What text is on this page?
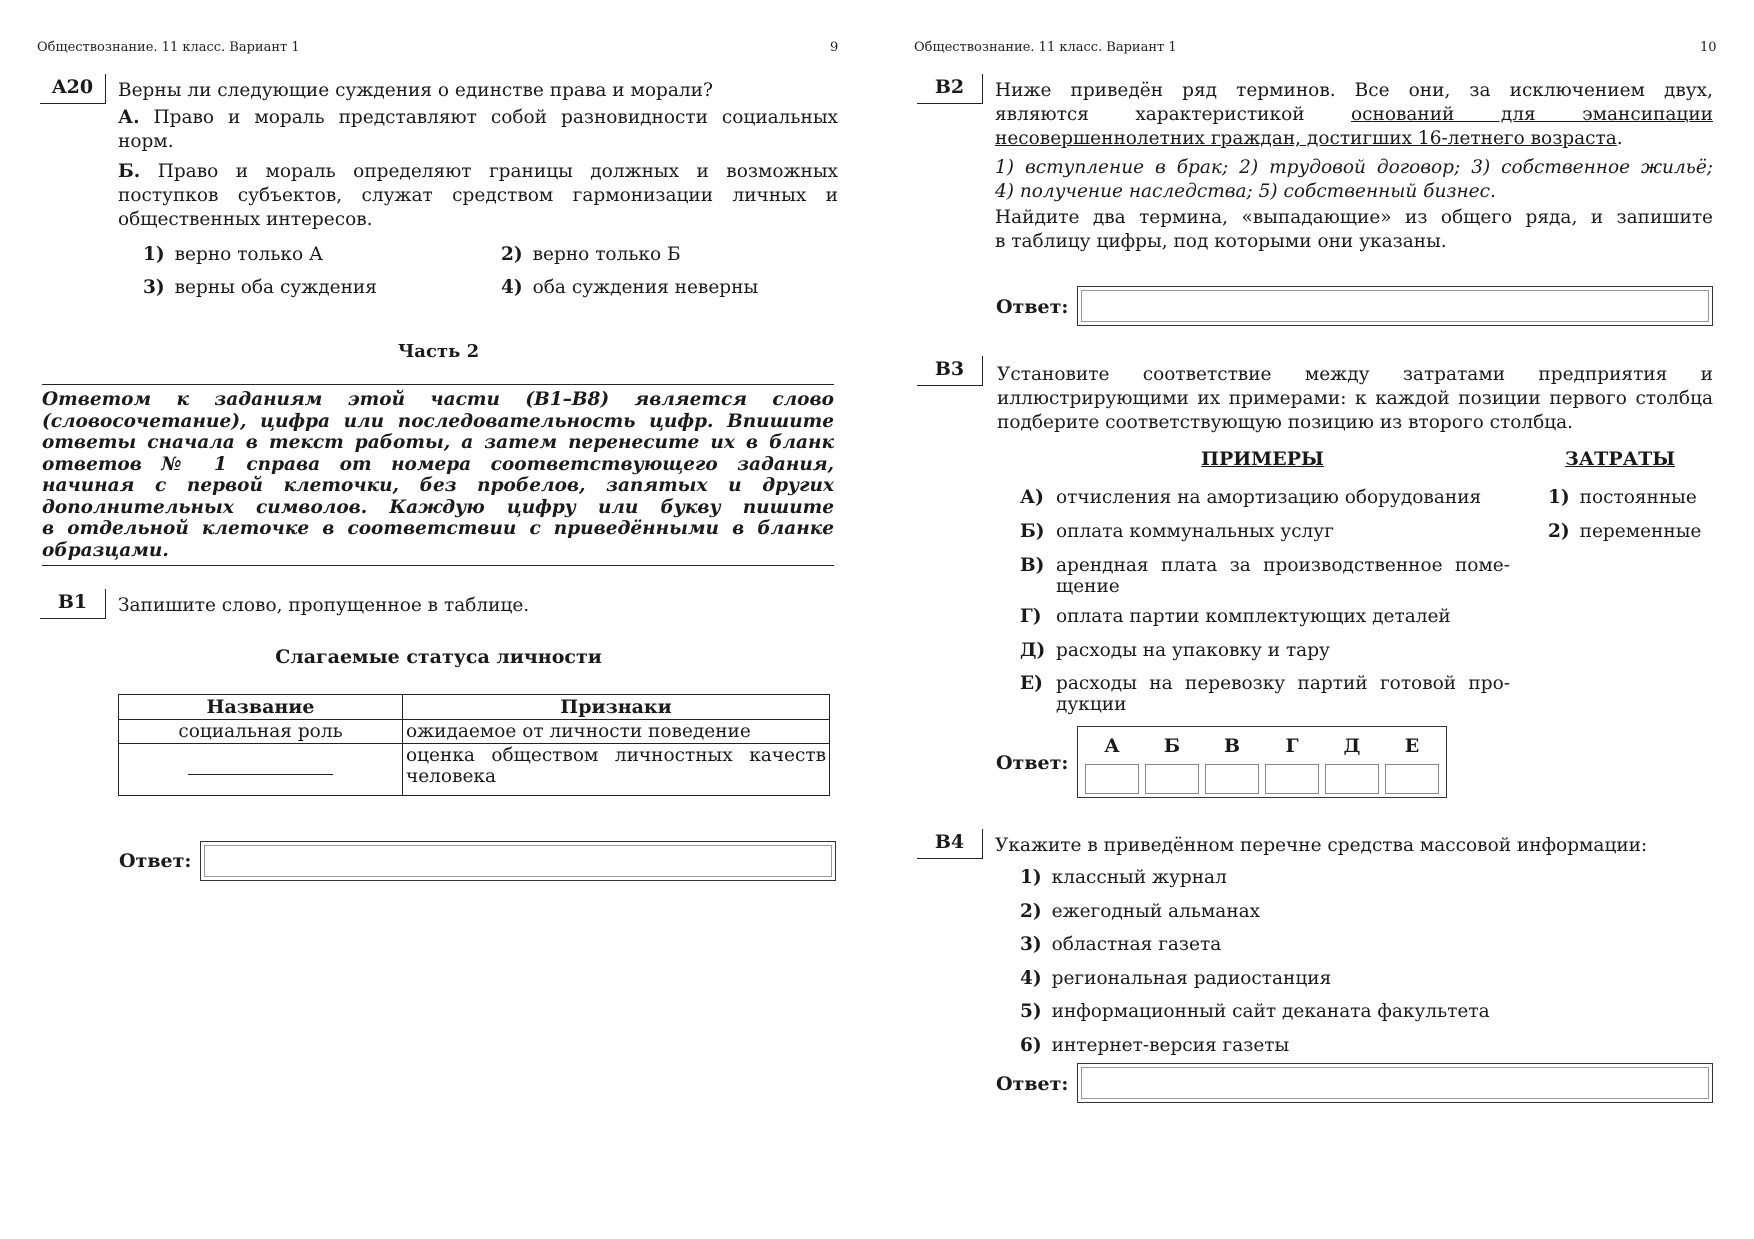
Обществознание. 11 класс. Вариант 1	9
A20	Верны ли следующие суждения о единстве права и морали?
А. Право и мораль представляют собой разновидности социальных
норм.
Б. Право и мораль определяют границы должных и возможных
поступков субъектов, служат средством гармонизации личных и
общественных интересов.
1) верно только А	2) верно только Б
3) верны оба суждения	4) оба суждения неверны
Часть 2
Ответом к заданиям этой части (В1–В8) является слово
(словосочетание), цифра или последовательность цифр. Впишите
ответы сначала в текст работы, а затем перенесите их в бланк
ответов № 1 справа от номера соответствующего задания,
начиная с первой клеточки, без пробелов, запятых и других
дополнительных символов. Каждую цифру или букву пишите
в отдельной клеточке в соответствии с приведёнными в бланке
образцами.
B1	Запишите слово, пропущенное в таблице.
Слагаемые статуса личности
Название	Признаки
социальная роль	ожидаемое от личности поведение

	оценка обществом личностных качеств
человека
Ответ:
Обществознание. 11 класс. Вариант 1	10
B2	Ниже приведён ряд терминов. Все они, за исключением двух,
являются	характеристикой	оснований для эмансипации
несовершеннолетних граждан, достигших 16-летнего возраста.
1) вступление в брак; 2) трудовой договор; 3) собственное жильё;
4) получение наследства; 5) собственный бизнес.
Найдите два термина, «выпадающие» из общего ряда, и запишите
в таблицу цифры, под которыми они указаны.
Ответ:
B3	Установите соответствие между затратами предприятия и
иллюстрирующими их примерами: к каждой позиции первого столбца
подберите соответствующую позицию из второго столбца.
ПРИМЕРЫ	ЗАТРАТЫ
А) отчисления на амортизацию оборудования
Б) оплата коммунальных услуг
В) арендная плата за производственное поме-
щение
Г) оплата партии комплектующих деталей
Д) расходы на упаковку и тару
Е) расходы на перевозку партий готовой про-
дукции
1) постоянные
2) переменные
Ответ:
А	Б	В	Г	Д	Е
B4	Укажите в приведённом перечне средства массовой информации:
1) классный журнал
2) ежегодный альманах
3) областная газета
4) региональная радиостанция
5) информационный сайт деканата факультета
6) интернет-версия газеты
Ответ:
